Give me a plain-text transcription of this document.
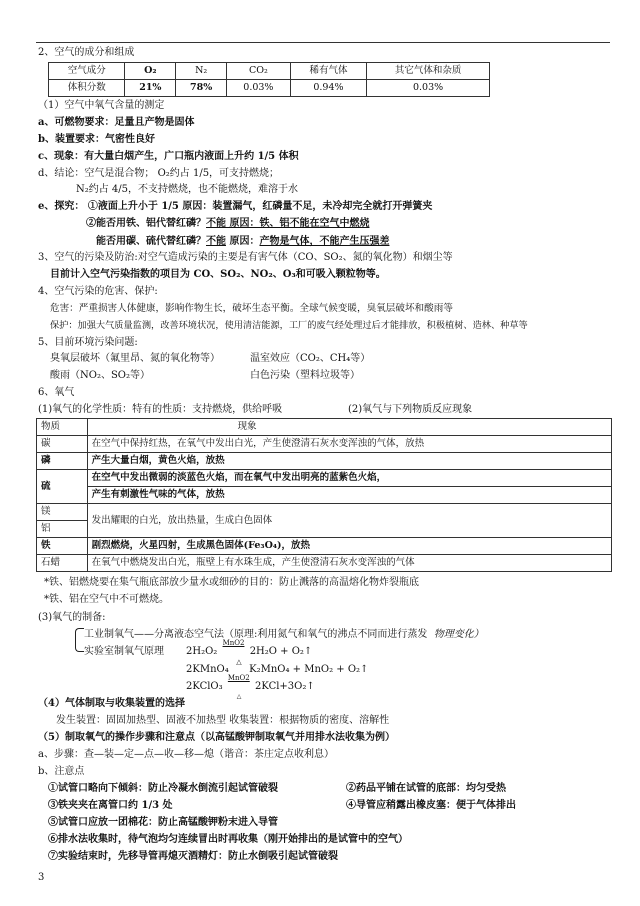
2、空气的成分和组成
空气成分	O₂	N₂	CO₂	稀有气体	其它气体和杂质
体积分数	21%	78%	0.03%	0.94%	0.03%
（1）空气中氧气含量的测定
a、可燃物要求：足量且产物是固体
b、装置要求：气密性良好
c、现象：有大量白烟产生，广口瓶内液面上升约 1/5 体积
d、结论：空气是混合物； O₂约占 1/5，可支持燃烧；
N₂约占 4/5，不支持燃烧，也不能燃烧，难溶于水
e、探究： ①液面上升小于 1/5 原因：装置漏气，红磷量不足，未冷却完全就打开弹簧夹
②能否用铁、铝代替红磷？不能 原因：铁、铝不能在空气中燃烧
能否用碳、硫代替红磷？不能 原因：产物是气体，不能产生压强差
3、空气的污染及防治:对空气造成污染的主要是有害气体（CO、SO₂、氮的氧化物）和烟尘等
目前计入空气污染指数的项目为 CO、SO₂、NO₂、O₃和可吸入颗粒物等。
4、空气污染的危害、保护:
危害：严重损害人体健康，影响作物生长，破坏生态平衡。全球气候变暖，臭氧层破坏和酸雨等
保护：加强大气质量监测，改善环境状况，使用清洁能源，工厂的废气经处理过后才能排放，积极植树、造林、种草等
5、目前环境污染问题:
臭氧层破坏（氟里昂、氮的氧化物等）	温室效应（CO₂、CH₄等）
酸雨（NO₂、SO₂等）	白色污染（塑料垃圾等）
6、氧气
(1)氧气的化学性质：特有的性质：支持燃烧，供给呼吸	(2)氧气与下列物质反应现象
物质	现象
碳	在空气中保持红热，在氧气中发出白光，产生使澄清石灰水变浑浊的气体，放热
磷	产生大量白烟，黄色火焰，放热
硫	在空气中发出微弱的淡蓝色火焰，而在氧气中发出明亮的蓝紫色火焰，
	产生有刺激性气味的气体，放热
镁	发出耀眼的白光，放出热量，生成白色固体
铝	
铁	剧烈燃烧，火星四射，生成黑色固体(Fe₃O₄)，放热
石蜡	在氧气中燃烧发出白光，瓶壁上有水珠生成，产生使澄清石灰水变浑浊的气体
*铁、铝燃烧要在集气瓶底部放少量水或细砂的目的：防止溅落的高温熔化物炸裂瓶底
*铁、铝在空气中不可燃烧。
(3)氧气的制备:
工业制氧气——分离液态空气法（原理:利用氮气和氧气的沸点不同而进行蒸发 物理变化）
实验室制氧气原理 2H₂O₂
MnO2
2H₂O + O₂↑
2KMnO₄
△
K₂MnO₄ + MnO₂ + O₂↑
2KClO₃
MnO2
△
2KCl+3O₂↑
（4）气体制取与收集装置的选择
发生装置：固固加热型、固液不加热型 收集装置：根据物质的密度、溶解性
（5）制取氧气的操作步骤和注意点（以高锰酸钾制取氧气并用排水法收集为例）
a、步骤：查—装—定—点—收—移—熄（谐音：茶庄定点收利息）
b、注意点
①试管口略向下倾斜：防止冷凝水倒流引起试管破裂	②药品平铺在试管的底部：均匀受热
③铁夹夹在离管口约 1/3 处	④导管应稍露出橡皮塞：便于气体排出
⑤试管口应放一团棉花：防止高锰酸钾粉末进入导管
⑥排水法收集时，待气泡均匀连续冒出时再收集（刚开始排出的是试管中的空气）
⑦实验结束时，先移导管再熄灭酒精灯：防止水倒吸引起试管破裂
3
